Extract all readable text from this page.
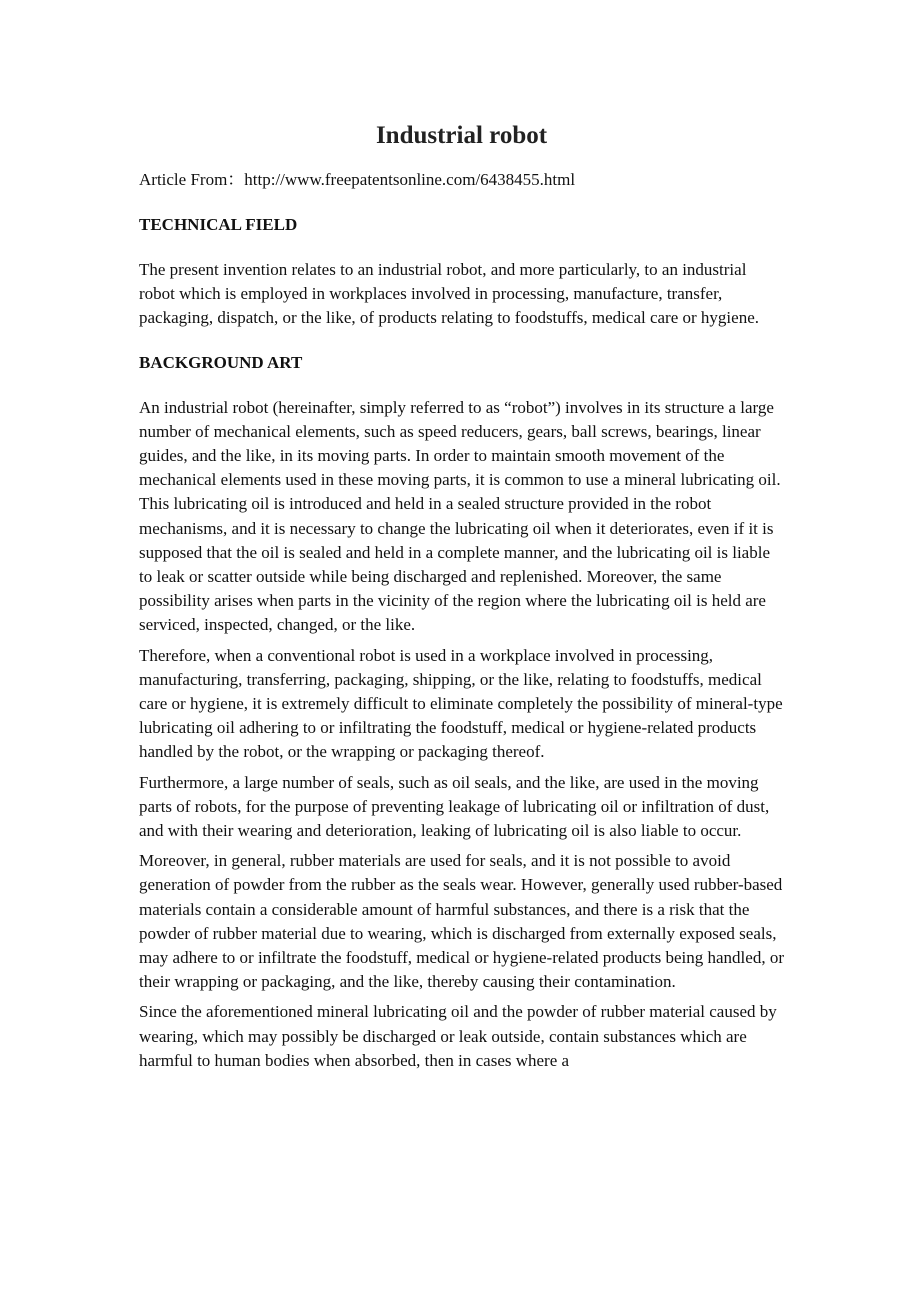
Industrial robot

Article From：http://www.freepatentsonline.com/6438455.html

TECHNICAL FIELD

The present invention relates to an industrial robot, and more particularly, to an industrial robot which is employed in workplaces involved in processing, manufacture, transfer, packaging, dispatch, or the like, of products relating to foodstuffs, medical care or hygiene.

BACKGROUND ART

An industrial robot (hereinafter, simply referred to as “robot”) involves in its structure a large number of mechanical elements, such as speed reducers, gears, ball screws, bearings, linear guides, and the like, in its moving parts. In order to maintain smooth movement of the mechanical elements used in these moving parts, it is common to use a mineral lubricating oil. This lubricating oil is introduced and held in a sealed structure provided in the robot mechanisms, and it is necessary to change the lubricating oil when it deteriorates, even if it is supposed that the oil is sealed and held in a complete manner, and the lubricating oil is liable to leak or scatter outside while being discharged and replenished. Moreover, the same possibility arises when parts in the vicinity of the region where the lubricating oil is held are serviced, inspected, changed, or the like.

Therefore, when a conventional robot is used in a workplace involved in processing, manufacturing, transferring, packaging, shipping, or the like, relating to foodstuffs, medical care or hygiene, it is extremely difficult to eliminate completely the possibility of mineral-type lubricating oil adhering to or infiltrating the foodstuff, medical or hygiene-related products handled by the robot, or the wrapping or packaging thereof.

Furthermore, a large number of seals, such as oil seals, and the like, are used in the moving parts of robots, for the purpose of preventing leakage of lubricating oil or infiltration of dust, and with their wearing and deterioration, leaking of lubricating oil is also liable to occur.

Moreover, in general, rubber materials are used for seals, and it is not possible to avoid generation of powder from the rubber as the seals wear. However, generally used rubber-based materials contain a considerable amount of harmful substances, and there is a risk that the powder of rubber material due to wearing, which is discharged from externally exposed seals, may adhere to or infiltrate the foodstuff, medical or hygiene-related products being handled, or their wrapping or packaging, and the like, thereby causing their contamination.

Since the aforementioned mineral lubricating oil and the powder of rubber material caused by wearing, which may possibly be discharged or leak outside, contain substances which are harmful to human bodies when absorbed, then in cases where a
